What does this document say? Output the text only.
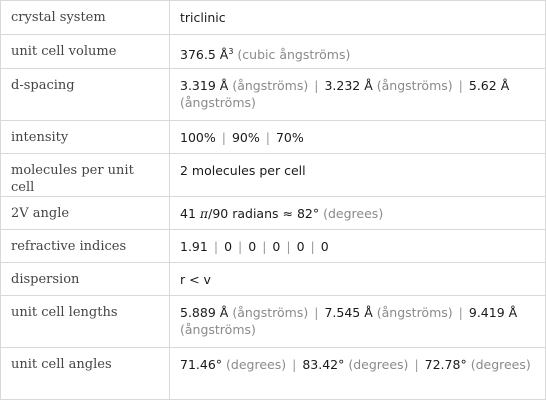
crystal system	triclinic
unit cell volume	376.5 $Å^3$ (cubic ångströms)
d-spacing	3.319 Å (ångströms) | 3.232 Å (ångströms) | 5.62 Å (ångströms)
intensity	100% | 90% | 70%
molecules per unit cell	2 molecules per cell
2V angle	41 π/90 radians ≈ 82° (degrees)
refractive indices	1.91 | 0 | 0 | 0 | 0 | 0
dispersion	r < v
unit cell lengths	5.889 Å (ångströms) | 7.545 Å (ångströms) | 9.419 Å (ångströms)
unit cell angles	71.46° (degrees) | 83.42° (degrees) | 72.78° (degrees)
